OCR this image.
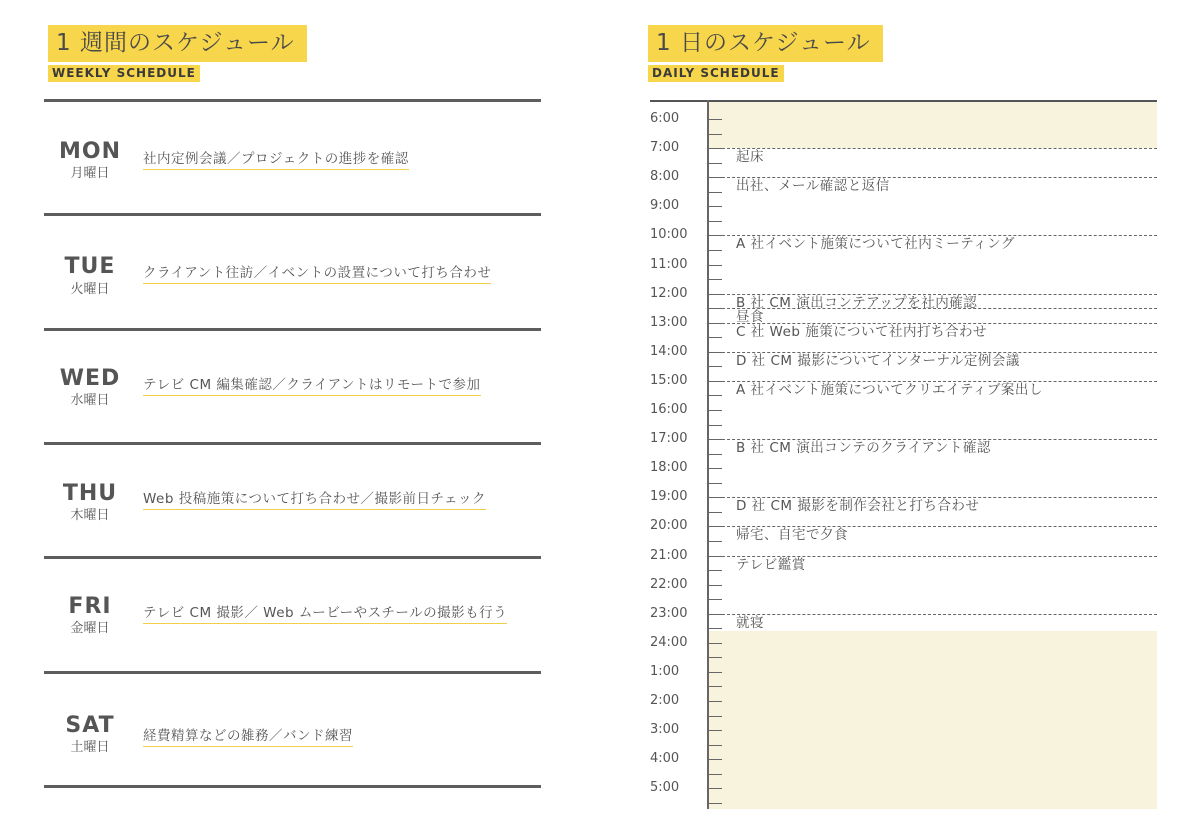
1 週間のスケジュール
WEEKLY SCHEDULE
MON
月曜日
社内定例会議／プロジェクトの進捗を確認
TUE
火曜日
クライアント往訪／イベントの設置について打ち合わせ
WED
水曜日
テレビ CM 編集確認／クライアントはリモートで参加
THU
木曜日
Web 投稿施策について打ち合わせ／撮影前日チェック
FRI
金曜日
テレビ CM 撮影／ Web ムービーやスチールの撮影も行う
SAT
土曜日
経費精算などの雑務／バンド練習
1 日のスケジュール
DAILY SCHEDULE
6:00
7:00
8:00
9:00
10:00
11:00
12:00
13:00
14:00
15:00
16:00
17:00
18:00
19:00
20:00
21:00
22:00
23:00
24:00
1:00
2:00
3:00
4:00
5:00
起床
出社、メール確認と返信
A 社イベント施策について社内ミーティング
B 社 CM 演出コンテアップを社内確認
昼食
C 社 Web 施策について社内打ち合わせ
D 社 CM 撮影についてインターナル定例会議
A 社イベント施策についてクリエイティブ案出し
B 社 CM 演出コンテのクライアント確認
D 社 CM 撮影を制作会社と打ち合わせ
帰宅、自宅で夕食
テレビ鑑賞
就寝
